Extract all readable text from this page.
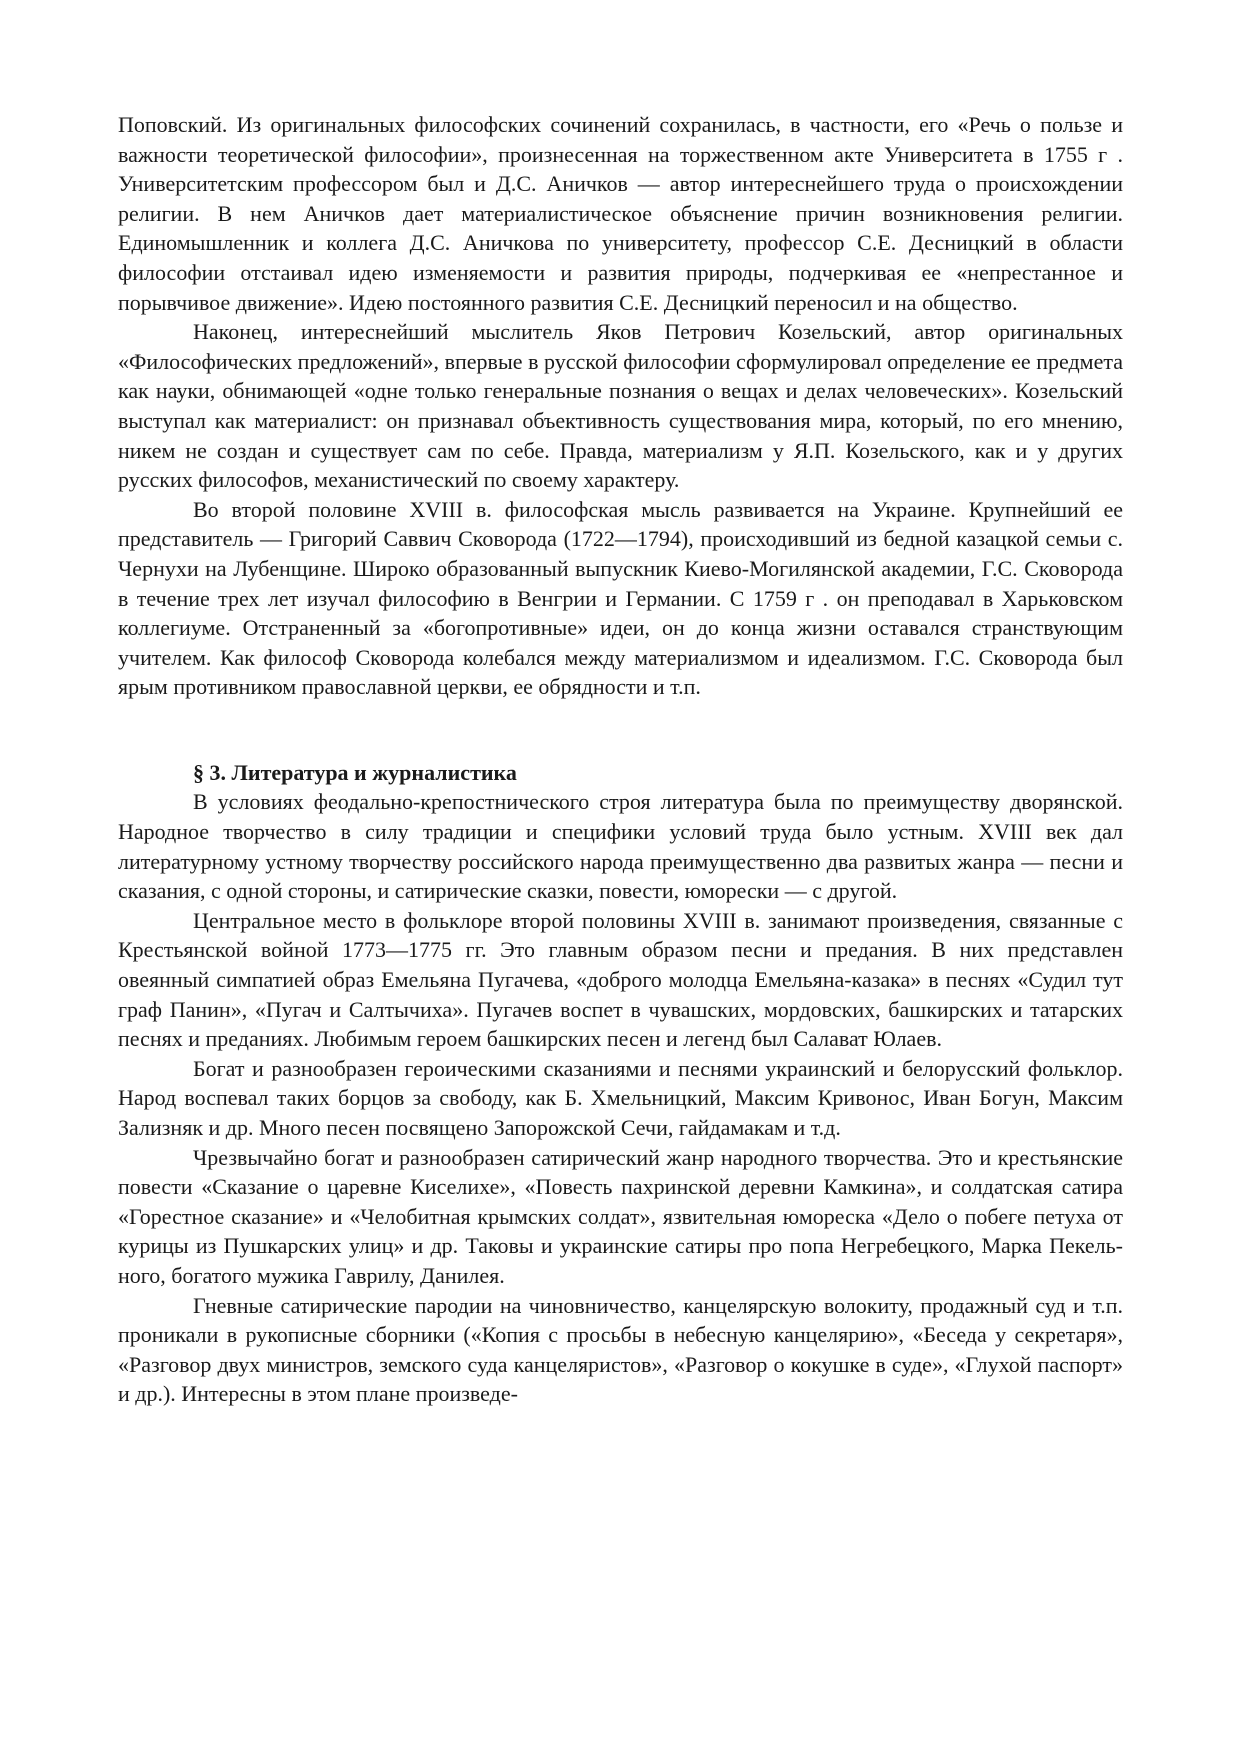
Поповский. Из оригинальных философских сочинений сохранилась, в частности, его «Речь о пользе и важности теоретической философии», произнесенная на торжественном акте Университета в 1755 г . Университетским профессором был и Д.С. Аничков — автор интереснейшего труда о происхождении религии. В нем Аничков дает материалистическое объяснение причин возникновения религии. Единомышленник и коллега Д.С. Аничкова по университету, профессор С.Е. Десницкий в области философии отстаивал идею изменяемости и развития природы, подчеркивая ее «непрестанное и порывчивое движение». Идею постоянного развития С.Е. Десницкий переносил и на общество.

Наконец, интереснейший мыслитель Яков Петрович Козельский, автор оригинальных «Философических предложений», впервые в русской философии сформулировал определение ее предмета как науки, обнимающей «одне только генеральные познания о вещах и делах человеческих». Козельский выступал как материалист: он признавал объективность существования мира, который, по его мнению, никем не создан и существует сам по себе. Правда, материализм у Я.П. Козельского, как и у других русских философов, механистический по своему характеру.

Во второй половине XVIII в. философская мысль развивается на Украине. Крупнейший ее представитель — Григорий Саввич Сковорода (1722—1794), происходивший из бедной казацкой семьи с. Чернухи на Лубенщине. Широко образованный выпускник Киево-Могилянской академии, Г.С. Сковорода в течение трех лет изучал философию в Венгрии и Германии. С 1759 г . он преподавал в Харьковском коллегиуме. Отстраненный за «богопротивные» идеи, он до конца жизни оставался странствующим учителем. Как философ Сковорода колебался между материализмом и идеализмом. Г.С. Сковорода был ярым противником православной церкви, ее обрядности и т.п.

§ 3. Литература и журналистика

В условиях феодально-крепостнического строя литература была по преимуществу дворянской. Народное творчество в силу традиции и специфики условий труда было устным. XVIII век дал литературному устному творчеству российского народа преимущественно два развитых жанра — песни и сказания, с одной стороны, и сатирические сказки, повести, юморески — с другой.

Центральное место в фольклоре второй половины XVIII в. занимают произведения, связанные с Крестьянской войной 1773—1775 гг. Это главным образом песни и предания. В них представлен овеянный симпатией образ Емельяна Пугачева, «доброго молодца Емельяна-казака» в песнях «Судил тут граф Панин», «Пугач и Салтычиха». Пугачев воспет в чувашских, мордовских, башкирских и татарских песнях и преданиях. Любимым героем башкирских песен и легенд был Салават Юлаев.

Богат и разнообразен героическими сказаниями и песнями украинский и белорусский фольклор. Народ воспевал таких борцов за свободу, как Б. Хмельницкий, Максим Кривонос, Иван Богун, Максим Зализняк и др. Много песен посвящено Запорожской Сечи, гайдамакам и т.д.

Чрезвычайно богат и разнообразен сатирический жанр народного творчества. Это и крестьянские повести «Сказание о царевне Киселихе», «Повесть пахринской деревни Камкина», и солдатская сатира «Горестное сказание» и «Челобитная крымских солдат», язвительная юмореска «Дело о побеге петуха от курицы из Пушкарских улиц» и др. Таковы и украинские сатиры про попа Негребецкого, Марка Пекель-ного, богатого мужика Гаврилу, Данилея.

Гневные сатирические пародии на чиновничество, канцелярскую волокиту, продажный суд и т.п. проникали в рукописные сборники («Копия с просьбы в небесную канцелярию», «Беседа у секретаря», «Разговор двух министров, земского суда канцеляристов», «Разговор о кокушке в суде», «Глухой паспорт» и др.). Интересны в этом плане произведе-
